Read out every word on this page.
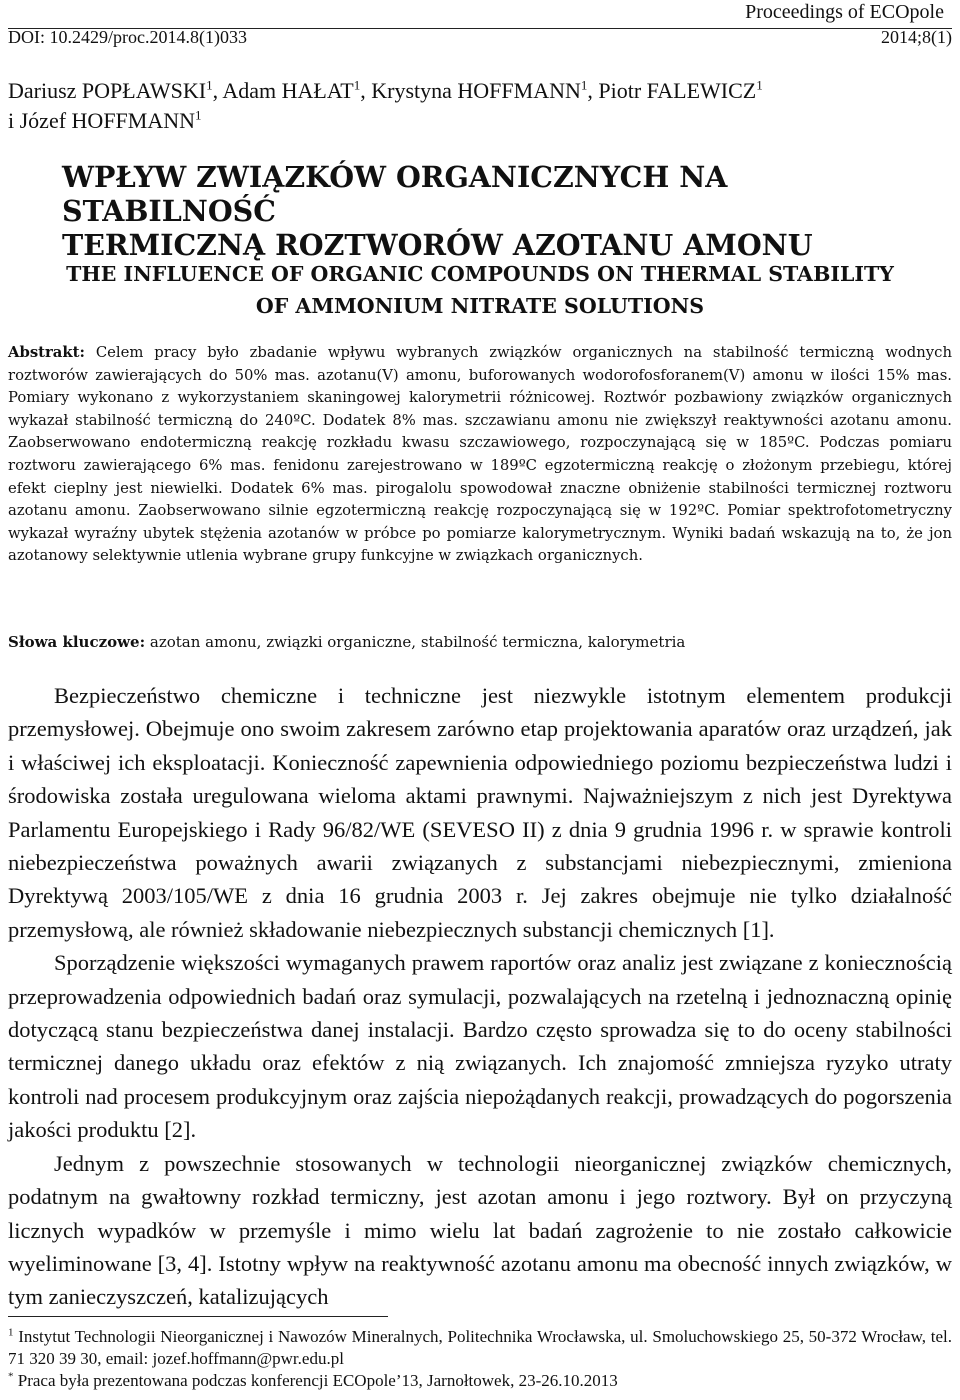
Proceedings of ECOpole
DOI: 10.2429/proc.2014.8(1)033	2014;8(1)
Dariusz POPŁAWSKI$^1$, Adam HAŁAT$^1$, Krystyna HOFFMANN$^1$, Piotr FALEWICZ$^1$
i Józef HOFFMANN$^1$
WPŁYW ZWIĄZKÓW ORGANICZNYCH NA STABILNOŚĆ
TERMICZNĄ ROZTWORÓW AZOTANU AMONU
THE INFLUENCE OF ORGANIC COMPOUNDS ON THERMAL STABILITY
OF AMMONIUM NITRATE SOLUTIONS
Abstrakt: Celem pracy było zbadanie wpływu wybranych związków organicznych na stabilność termiczną wodnych roztworów zawierających do 50% mas. azotanu(V) amonu, buforowanych wodorofosforanem(V) amonu w ilości 15% mas. Pomiary wykonano z wykorzystaniem skaningowej kalorymetrii różnicowej. Roztwór pozbawiony związków organicznych wykazał stabilność termiczną do 240ºC. Dodatek 8% mas. szczawianu amonu nie zwiększył reaktywności azotanu amonu. Zaobserwowano endotermiczną reakcję rozkładu kwasu szczawiowego, rozpoczynającą się w 185ºC. Podczas pomiaru roztworu zawierającego 6% mas. fenidonu zarejestrowano w 189ºC egzotermiczną reakcję o złożonym przebiegu, której efekt cieplny jest niewielki. Dodatek 6% mas. pirogalolu spowodował znaczne obniżenie stabilności termicznej roztworu azotanu amonu. Zaobserwowano silnie egzotermiczną reakcję rozpoczynającą się w 192ºC. Pomiar spektrofotometryczny wykazał wyraźny ubytek stężenia azotanów w próbce po pomiarze kalorymetrycznym. Wyniki badań wskazują na to, że jon azotanowy selektywnie utlenia wybrane grupy funkcyjne w związkach organicznych.
Słowa kluczowe: azotan amonu, związki organiczne, stabilność termiczna, kalorymetria

Bezpieczeństwo chemiczne i techniczne jest niezwykle istotnym elementem produkcji przemysłowej. Obejmuje ono swoim zakresem zarówno etap projektowania aparatów oraz urządzeń, jak i właściwej ich eksploatacji. Konieczność zapewnienia odpowiedniego poziomu bezpieczeństwa ludzi i środowiska została uregulowana wieloma aktami prawnymi. Najważniejszym z nich jest Dyrektywa Parlamentu Europejskiego i Rady 96/82/WE (SEVESO II) z dnia 9 grudnia 1996 r. w sprawie kontroli niebezpieczeństwa poważnych awarii związanych z substancjami niebezpiecznymi, zmieniona Dyrektywą 2003/105/WE z dnia 16 grudnia 2003 r. Jej zakres obejmuje nie tylko działalność przemysłową, ale również składowanie niebezpiecznych substancji chemicznych [1].

Sporządzenie większości wymaganych prawem raportów oraz analiz jest związane z koniecznością przeprowadzenia odpowiednich badań oraz symulacji, pozwalających na rzetelną i jednoznaczną opinię dotyczącą stanu bezpieczeństwa danej instalacji. Bardzo często sprowadza się to do oceny stabilności termicznej danego układu oraz efektów z nią związanych. Ich znajomość zmniejsza ryzyko utraty kontroli nad procesem produkcyjnym oraz zajścia niepożądanych reakcji, prowadzących do pogorszenia jakości produktu [2].

Jednym z powszechnie stosowanych w technologii nieorganicznej związków chemicznych, podatnym na gwałtowny rozkład termiczny, jest azotan amonu i jego roztwory. Był on przyczyną licznych wypadków w przemyśle i mimo wielu lat badań zagrożenie to nie zostało całkowicie wyeliminowane [3, 4]. Istotny wpływ na reaktywność azotanu amonu ma obecność innych związków, w tym zanieczyszczeń, katalizujących

$^1$ Instytut Technologii Nieorganicznej i Nawozów Mineralnych, Politechnika Wrocławska, ul. Smoluchowskiego 25, 50-372 Wrocław, tel. 71 320 39 30, email: jozef.hoffmann@pwr.edu.pl

* Praca była prezentowana podczas konferencji ECOpole’13, Jarnołtowek, 23-26.10.2013
